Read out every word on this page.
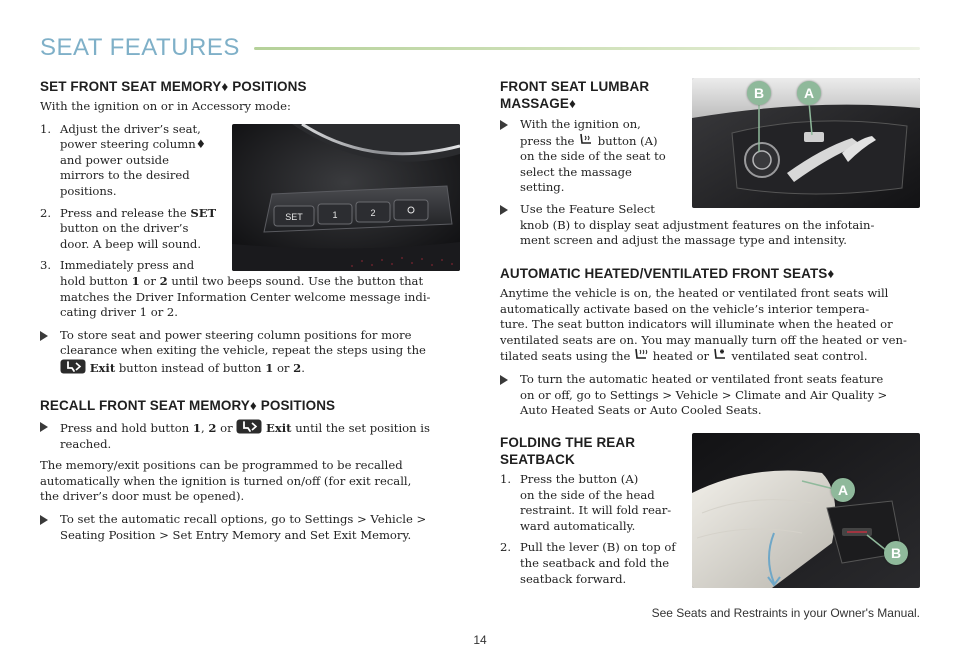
SEAT FEATURES
SET FRONT SEAT MEMORY♦ POSITIONS
With the ignition on or in Accessory mode:
1. Adjust the driver’s seat,
power steering column♦
and power outside
mirrors to the desired
positions.
2. Press and release the SET
button on the driver’s
door. A beep will sound.
3. Immediately press and
hold button 1 or 2 until two beeps sound. Use the button that
matches the Driver Information Center welcome message indi-
cating driver 1 or 2.
To store seat and power steering column positions for more
clearance when exiting the vehicle, repeat the steps using the
Exit button instead of button 1 or 2.
SET	1	2
RECALL FRONT SEAT MEMORY♦ POSITIONS
Press and hold button 1, 2 or	Exit until the set position is
reached.
The memory/exit positions can be programmed to be recalled
automatically when the ignition is turned on/off (for exit recall,
the driver’s door must be opened).
To set the automatic recall options, go to Settings > Vehicle >
Seating Position > Set Entry Memory and Set Exit Memory.
FRONT SEAT LUMBAR
MASSAGE♦
With the ignition on,
press the  button (A)
on the side of the seat to
select the massage
setting.
Use the Feature Select
knob (B) to display seat adjustment features on the infotain-
ment screen and adjust the massage type and intensity.
B	A
AUTOMATIC HEATED/VENTILATED FRONT SEATS♦
Anytime the vehicle is on, the heated or ventilated front seats will
automatically activate based on the vehicle’s interior tempera-
ture. The seat button indicators will illuminate when the heated or
ventilated seats are on. You may manually turn off the heated or ven-
tilated seats using the  heated or  ventilated seat control.
To turn the automatic heated or ventilated front seats feature
on or off, go to Settings > Vehicle > Climate and Air Quality >
Auto Heated Seats or Auto Cooled Seats.
FOLDING THE REAR
SEATBACK
1. Press the button (A)
on the side of the head
restraint. It will fold rear-
ward automatically.
2. Pull the lever (B) on top of
the seatback and fold the
seatback forward.
A
B
See Seats and Restraints in your Owner's Manual.
14
